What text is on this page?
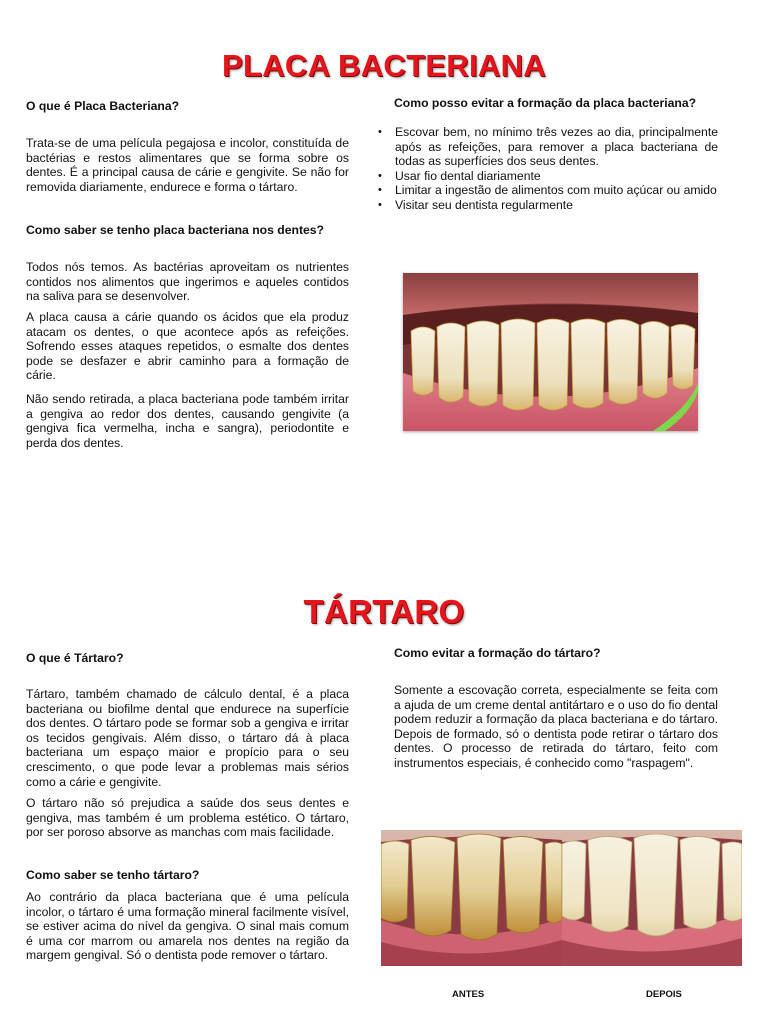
PLACA BACTERIANA

O que é Placa Bacteriana?

Trata-se de uma película pegajosa e incolor, constituída de bactérias e restos alimentares que se forma sobre os dentes. É a principal causa de cárie e gengivite. Se não for removida diariamente, endurece e forma o tártaro.

Como saber se tenho placa bacteriana nos dentes?

Todos nós temos. As bactérias aproveitam os nutrientes contidos nos alimentos que ingerimos e aqueles contidos na saliva para se desenvolver.

A placa causa a cárie quando os ácidos que ela produz atacam os dentes, o que acontece após as refeições. Sofrendo esses ataques repetidos, o esmalte dos dentes pode se desfazer e abrir caminho para a formação de cárie.

Não sendo retirada, a placa bacteriana pode também irritar a gengiva ao redor dos dentes, causando gengivite (a gengiva fica vermelha, incha e sangra), periodontite e perda dos dentes.

Como posso evitar a formação da placa bacteriana?

• Escovar bem, no mínimo três vezes ao dia, principalmente após as refeições, para remover a placa bacteriana de todas as superfícies dos seus dentes.
• Usar fio dental diariamente
• Limitar a ingestão de alimentos com muito açúcar ou amido
• Visitar seu dentista regularmente
TÁRTARO

O que é Tártaro?

Tártaro, também chamado de cálculo dental, é a placa bacteriana ou biofilme dental que endurece na superfície dos dentes. O tártaro pode se formar sob a gengiva e irritar os tecidos gengivais. Além disso, o tártaro dá à placa bacteriana um espaço maior e propício para o seu crescimento, o que pode levar a problemas mais sérios como a cárie e gengivite.

O tártaro não só prejudica a saúde dos seus dentes e gengiva, mas também é um problema estético. O tártaro, por ser poroso absorve as manchas com mais facilidade.

Como saber se tenho tártaro?

Ao contrário da placa bacteriana que é uma película incolor, o tártaro é uma formação mineral facilmente visível, se estiver acima do nível da gengiva. O sinal mais comum é uma cor marrom ou amarela nos dentes na região da margem gengival. Só o dentista pode remover o tártaro.

Como evitar a formação do tártaro?

Somente a escovação correta, especialmente se feita com a ajuda de um creme dental antitártaro e o uso do fio dental podem reduzir a formação da placa bacteriana e do tártaro. Depois de formado, só o dentista pode retirar o tártaro dos dentes. O processo de retirada do tártaro, feito com instrumentos especiais, é conhecido como "raspagem".

ANTES	DEPOIS
